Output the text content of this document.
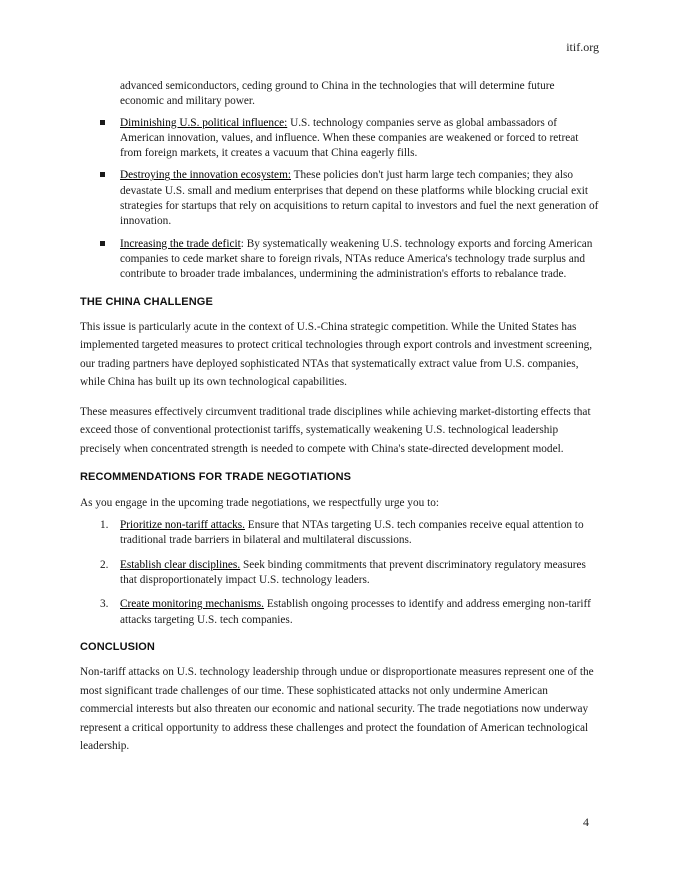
itif.org

advanced semiconductors, ceding ground to China in the technologies that will determine future economic and military power.

Diminishing U.S. political influence: U.S. technology companies serve as global ambassadors of American innovation, values, and influence. When these companies are weakened or forced to retreat from foreign markets, it creates a vacuum that China eagerly fills.
Destroying the innovation ecosystem: These policies don't just harm large tech companies; they also devastate U.S. small and medium enterprises that depend on these platforms while blocking crucial exit strategies for startups that rely on acquisitions to return capital to investors and fuel the next generation of innovation.
Increasing the trade deficit: By systematically weakening U.S. technology exports and forcing American companies to cede market share to foreign rivals, NTAs reduce America's technology trade surplus and contribute to broader trade imbalances, undermining the administration's efforts to rebalance trade.
THE CHINA CHALLENGE

This issue is particularly acute in the context of U.S.-China strategic competition. While the United States has implemented targeted measures to protect critical technologies through export controls and investment screening, our trading partners have deployed sophisticated NTAs that systematically extract value from U.S. companies, while China has built up its own technological capabilities.

These measures effectively circumvent traditional trade disciplines while achieving market-distorting effects that exceed those of conventional protectionist tariffs, systematically weakening U.S. technological leadership precisely when concentrated strength is needed to compete with China's state-directed development model.

RECOMMENDATIONS FOR TRADE NEGOTIATIONS

As you engage in the upcoming trade negotiations, we respectfully urge you to:

1. Prioritize non-tariff attacks. Ensure that NTAs targeting U.S. tech companies receive equal attention to traditional trade barriers in bilateral and multilateral discussions.
2. Establish clear disciplines. Seek binding commitments that prevent discriminatory regulatory measures that disproportionately impact U.S. technology leaders.
3. Create monitoring mechanisms. Establish ongoing processes to identify and address emerging non-tariff attacks targeting U.S. tech companies.
CONCLUSION

Non-tariff attacks on U.S. technology leadership through undue or disproportionate measures represent one of the most significant trade challenges of our time. These sophisticated attacks not only undermine American commercial interests but also threaten our economic and national security. The trade negotiations now underway represent a critical opportunity to address these challenges and protect the foundation of American technological leadership.

4
